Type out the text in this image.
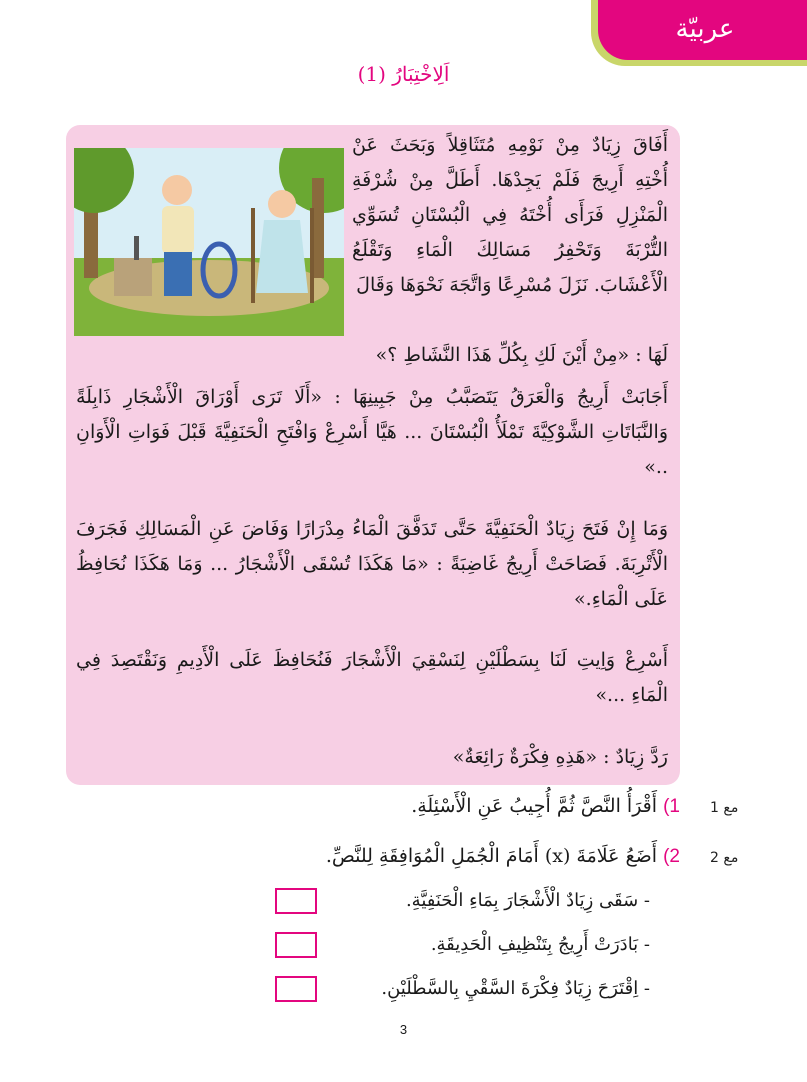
عربيّة
اَلِاخْتِبَارُ (1)
أَفَاقَ زِيَادٌ مِنْ نَوْمِهِ مُتَثَاقِلاً وَبَحَثَ عَنْ أُخْتِهِ أَرِيجَ فَلَمْ يَجِدْهَا. أَطَلَّ مِنْ شُرْفَةِ الْمَنْزِلِ فَرَأَى أُخْتَهُ فِي الْبُسْتَانِ تُسَوِّي التُّرْبَةَ وَتَحْفِرُ مَسَالِكَ الْمَاءِ وَتَقْلَعُ الْأَعْشَابَ. نَزَلَ مُسْرِعًا وَاتَّجَهَ نَحْوَهَا وَقَالَ
لَهَا : «مِنْ أَيْنَ لَكِ بِكُلِّ هَذَا النَّشَاطِ ؟»
أَجَابَتْ أَرِيجُ وَالْعَرَقُ يَتَصَبَّبُ مِنْ جَبِينِهَا : «أَلَا تَرَى أَوْرَاقَ الْأَشْجَارِ ذَابِلَةً وَالنَّبَاتَاتِ الشَّوْكِيَّةَ تَمْلَأُ الْبُسْتَانَ ... هَيَّا أَسْرِعْ وَافْتَحِ الْحَنَفِيَّةَ قَبْلَ فَوَاتِ الْأَوَانِ ..»
وَمَا إِنْ فَتَحَ زِيَادٌ الْحَنَفِيَّةَ حَتَّى تَدَفَّقَ الْمَاءُ مِدْرَارًا وَفَاضَ عَنِ الْمَسَالِكِ فَجَرَفَ الْأَتْرِبَةَ. فَصَاحَتْ أَرِيجُ غَاضِبَةً : «مَا هَكَذَا تُسْقَى الْأَشْجَارُ ... وَمَا هَكَذَا نُحَافِظُ عَلَى الْمَاءِ.»
أَسْرِعْ وَاِيتِ لَنَا بِسَطْلَيْنِ لِنَسْقِيَ الْأَشْجَارَ فَنُحَافِظَ عَلَى الْأَدِيمِ وَنَقْتَصِدَ فِي الْمَاءِ ...»
رَدَّ زِيَادٌ : «هَذِهِ فِكْرَةٌ رَائِعَةٌ»
مع 1
1) أَقْرَأُ النَّصَّ ثُمَّ أُجِيبُ عَنِ الْأَسْئِلَةِ.
مع 2
2) أَضَعُ عَلَامَةَ (x) أَمَامَ الْجُمَلِ الْمُوَافِقَةِ لِلنَّصِّ.
- سَقَى زِيَادٌ الْأَشْجَارَ بِمَاءِ الْحَنَفِيَّةِ.
- بَادَرَتْ أَرِيجُ بِتَنْظِيفِ الْحَدِيقَةِ.
- اِقْتَرَحَ زِيَادٌ فِكْرَةَ السَّقْيِ بِالسَّطْلَيْنِ.
3
